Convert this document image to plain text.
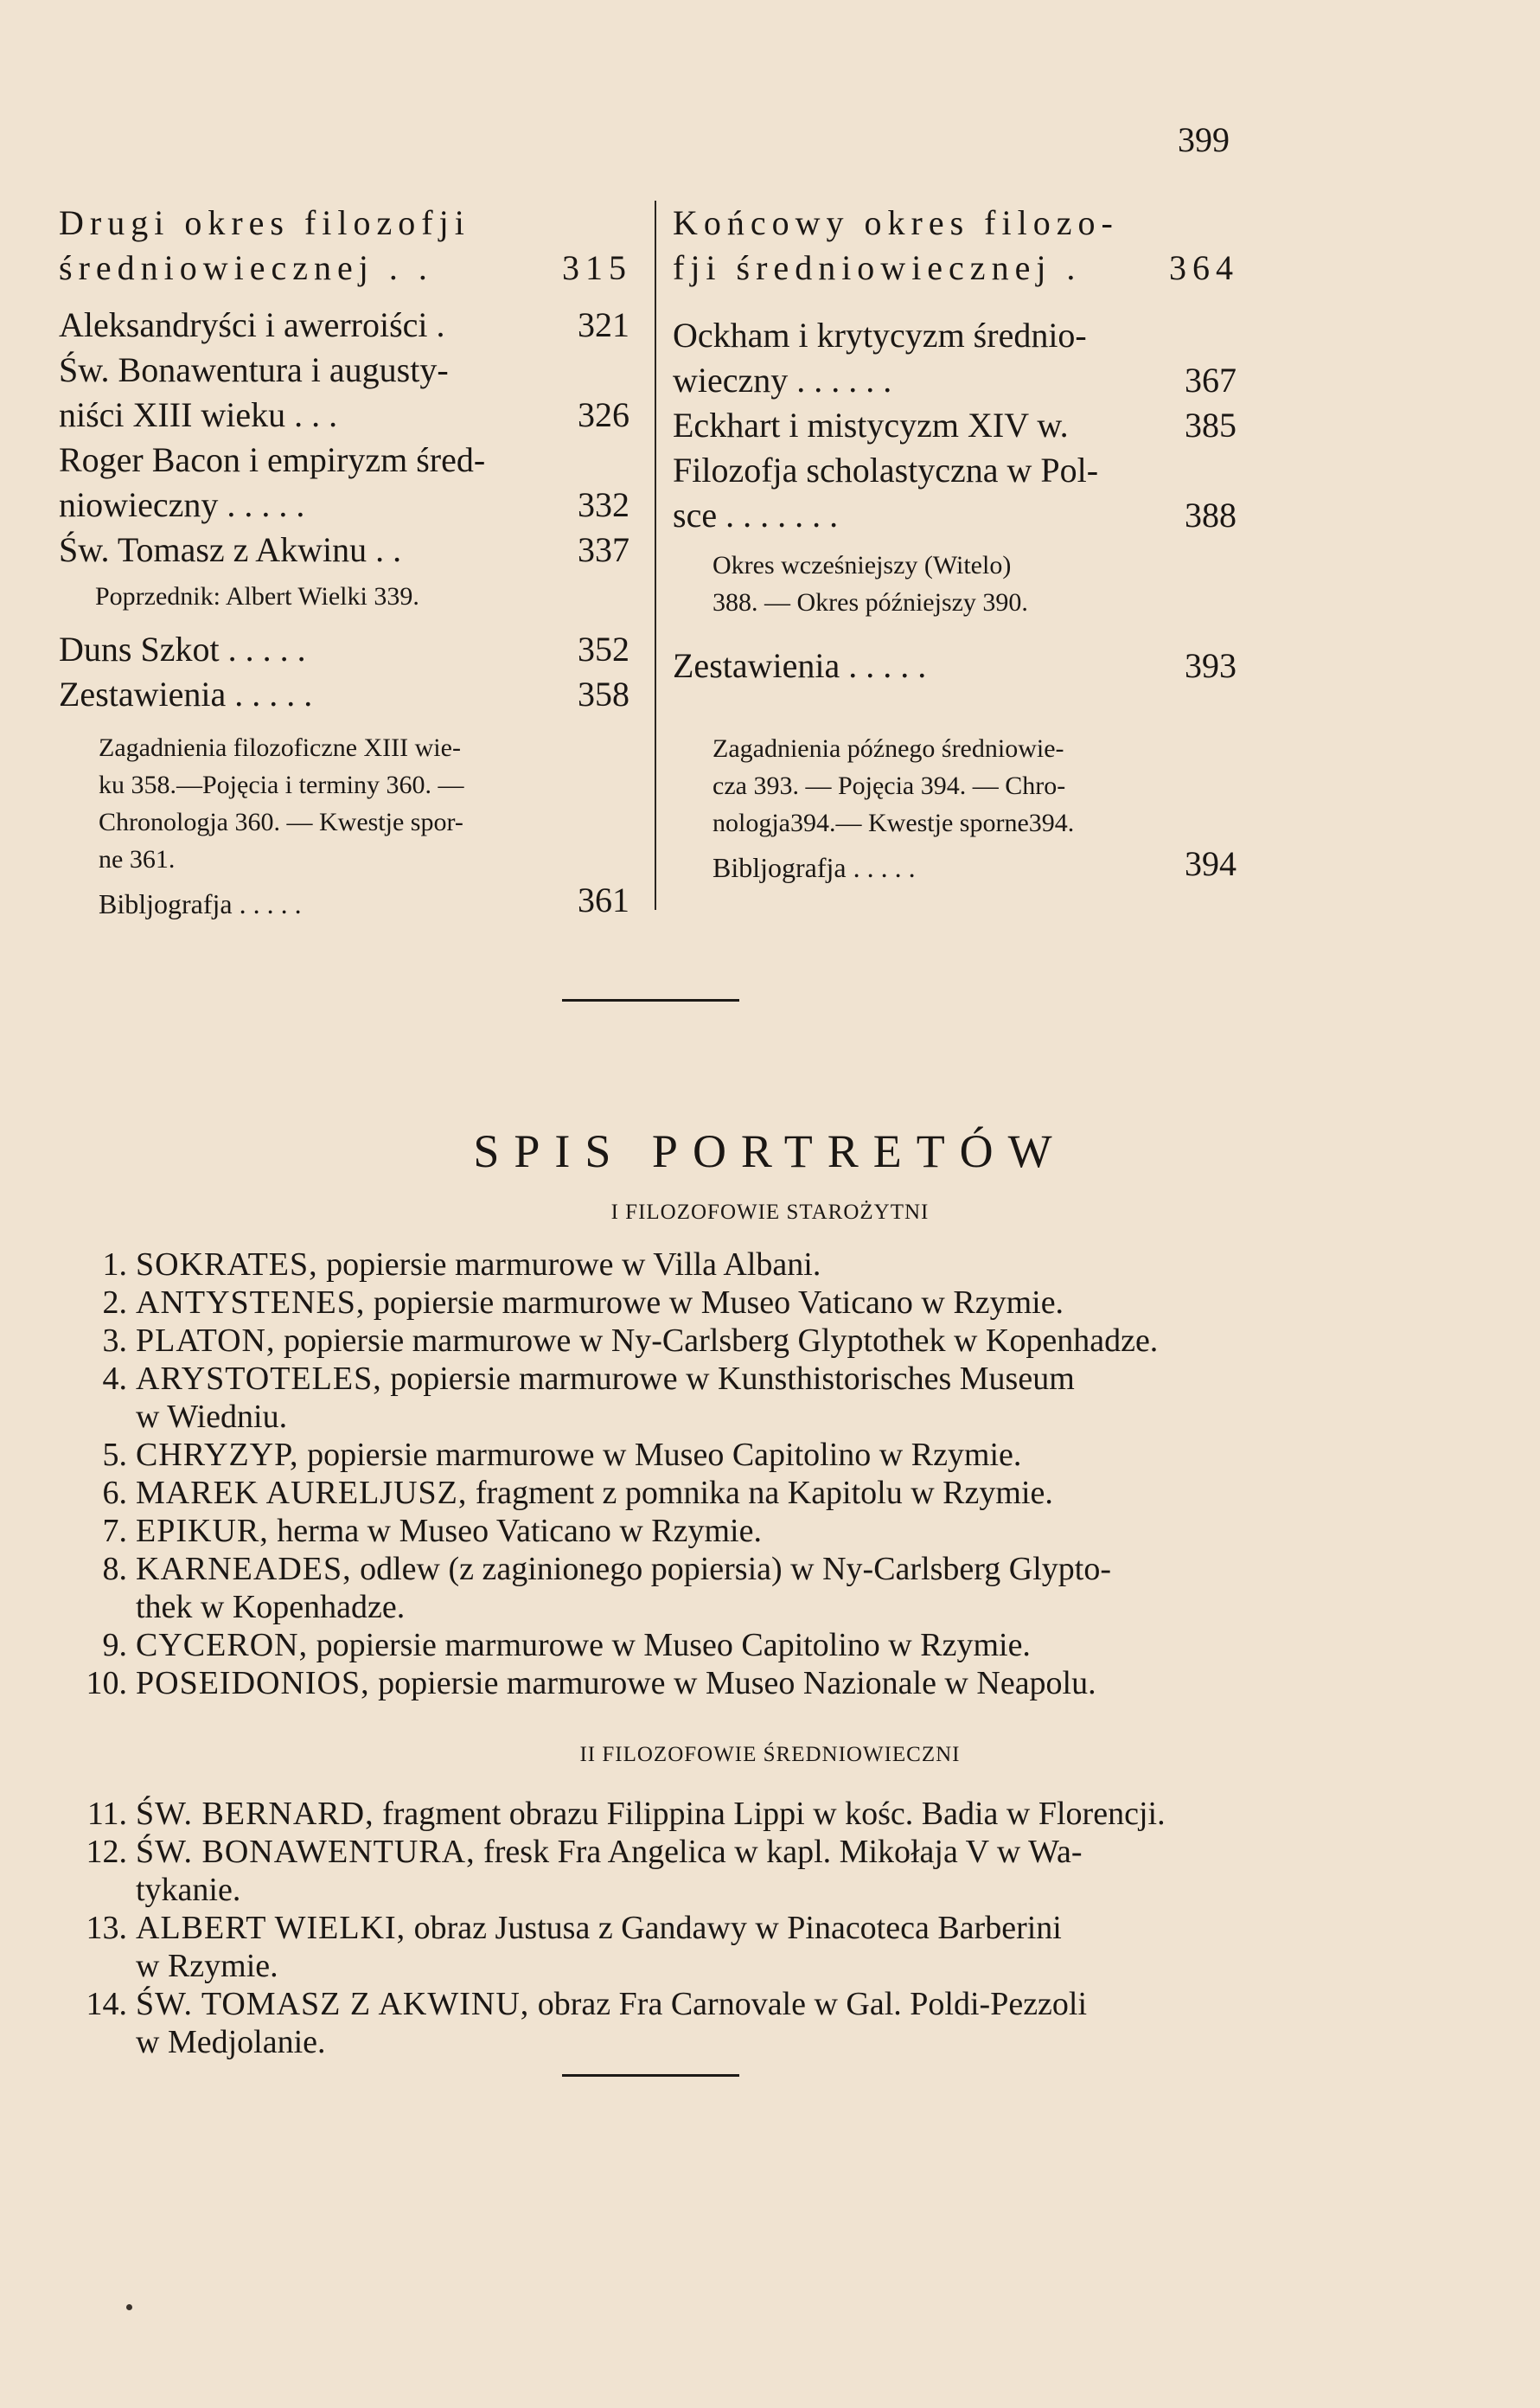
399
Drugi okres filozofji
średniowiecznej . .	315
Aleksandryści i awerroiści .	321
Św. Bonawentura i augusty-
niści XIII wieku . . .	326
Roger Bacon i empiryzm śred-
niowieczny . . . . .	332
Św. Tomasz z Akwinu . .	337
Poprzednik: Albert Wielki 339.
Duns Szkot . . . . .	352
Zestawienia . . . . .	358
Zagadnienia filozoficzne XIII wie-
ku 358.—Pojęcia i terminy 360. —
Chronologja 360. — Kwestje spor-
ne 361.
Bibljografja . . . . .	361
Końcowy okres filozo-
fji średniowiecznej .	364
Ockham i krytycyzm średnio-
wieczny . . . . . .	367
Eckhart i mistycyzm XIV w.	385
Filozofja scholastyczna w Pol-
sce . . . . . . .	388
Okres wcześniejszy (Witelo)
388. — Okres późniejszy 390.
Zestawienia . . . . .	393
Zagadnienia późnego średniowie-
cza 393. — Pojęcia 394. — Chro-
nologja394.— Kwestje sporne394.
Bibljografja . . . . .	394
SPIS PORTRETÓW
I FILOZOFOWIE STAROŻYTNI
1. SOKRATES, popiersie marmurowe w Villa Albani.
2. ANTYSTENES, popiersie marmurowe w Museo Vaticano w Rzymie.
3. PLATON, popiersie marmurowe w Ny-Carlsberg Glyptothek w Kopenhadze.
4. ARYSTOTELES, popiersie marmurowe w Kunsthistorisches Museum
w Wiedniu.
5. CHRYZYP, popiersie marmurowe w Museo Capitolino w Rzymie.
6. MAREK AURELJUSZ, fragment z pomnika na Kapitolu w Rzymie.
7. EPIKUR, herma w Museo Vaticano w Rzymie.
8. KARNEADES, odlew (z zaginionego popiersia) w Ny-Carlsberg Glypto-
thek w Kopenhadze.
9. CYCERON, popiersie marmurowe w Museo Capitolino w Rzymie.
10. POSEIDONIOS, popiersie marmurowe w Museo Nazionale w Neapolu.
II FILOZOFOWIE ŚREDNIOWIECZNI
11. ŚW. BERNARD, fragment obrazu Filippina Lippi w kośc. Badia w Florencji.
12. ŚW. BONAWENTURA, fresk Fra Angelica w kapl. Mikołaja V w Wa-
tykanie.
13. ALBERT WIELKI, obraz Justusa z Gandawy w Pinacoteca Barberini
w Rzymie.
14. ŚW. TOMASZ Z AKWINU, obraz Fra Carnovale w Gal. Poldi-Pezzoli
w Medjolanie.
